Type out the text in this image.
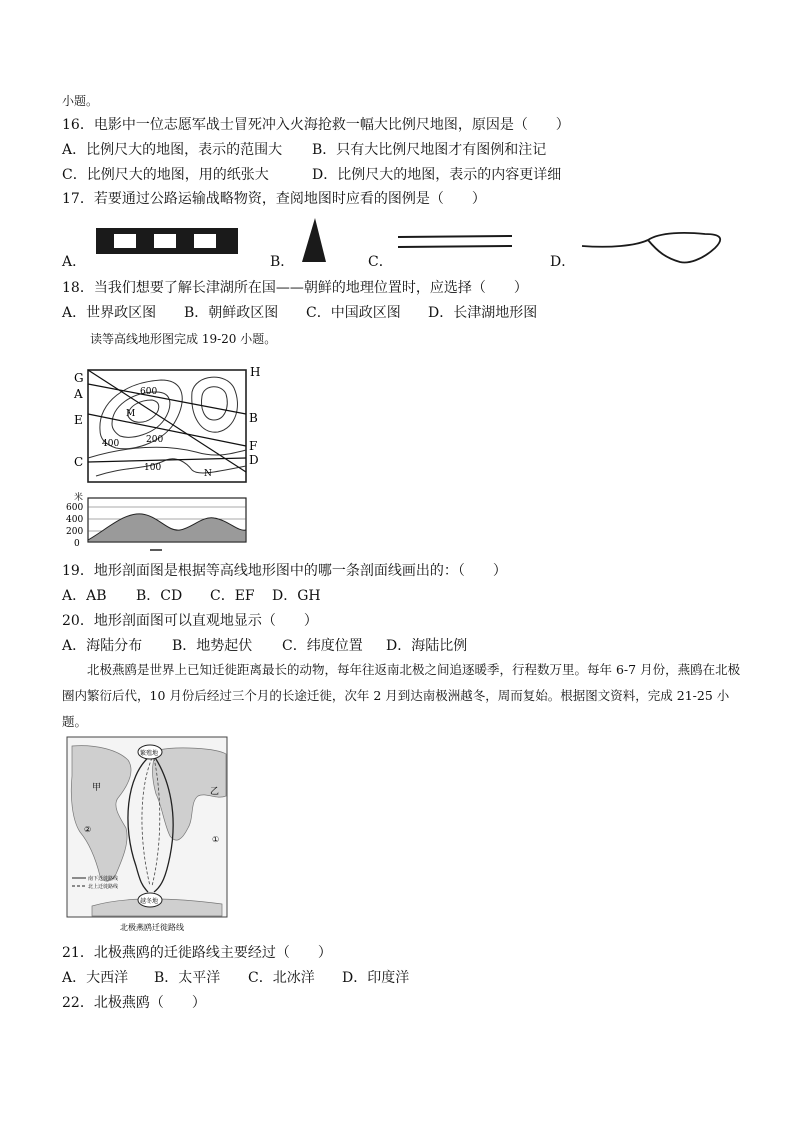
小题。
16．电影中一位志愿军战士冒死冲入火海抢救一幅大比例尺地图，原因是（　　）
A．比例尺大的地图，表示的范围大 B．只有大比例尺地图才有图例和注记
C．比例尺大的地图，用的纸张大	D．比例尺大的地图，表示的内容更详细
17．若要通过公路运输战略物资，查阅地图时应看的图例是（　　）
A．	B．	C．	D．
18．当我们想要了解长津湖所在国——朝鲜的地理位置时，应选择（　　）
A．世界政区图 B．朝鲜政区图 C．中国政区图 D．长津湖地形图
读等高线地形图完成 19-20 小题。
G	H
A
B
E
F
C	D
M
N
600
400	200
100
米
600
400
200
0
19．地形剖面图是根据等高线地形图中的哪一条剖面线画出的：（　　）
A．AB B．CD C．EF D．GH
20．地形剖面图可以直观地显示（　　）
A．海陆分布 B．地势起伏 C．纬度位置 D．海陆比例
北极燕鸥是世界上已知迁徙距离最长的动物，每年往返南北极之间追逐暖季，行程数万里。每年 6-7 月份，燕鸥在北极圈内繁衍后代，10 月份后经过三个月的长途迁徙，次年 2 月到达南极洲越冬，周而复始。根据图文资料，完成 21-25 小题。
繁殖地
越冬地
甲	乙
②
①
南下迁徙路线
北上迁徙路线
北极燕鸥迁徙路线
21．北极燕鸥的迁徙路线主要经过（　　）
A．大西洋 B．太平洋 C．北冰洋 D．印度洋
22．北极燕鸥（　　）
